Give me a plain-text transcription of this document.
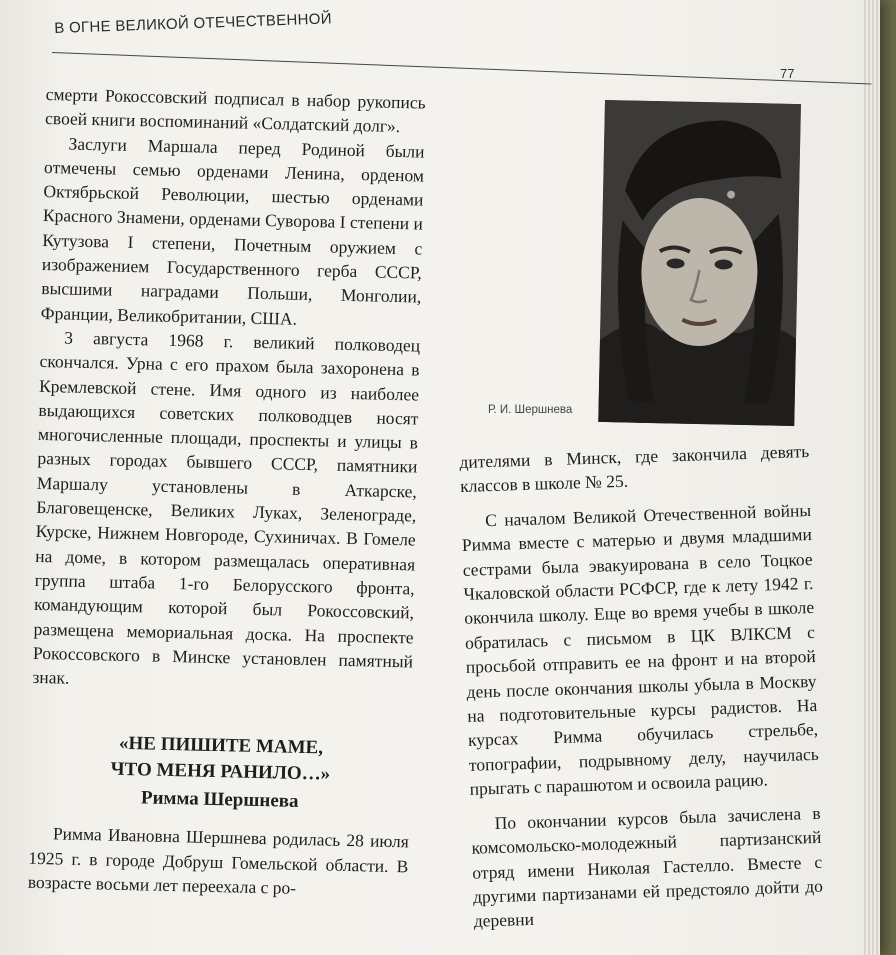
В ОГНЕ ВЕЛИКОЙ ОТЕЧЕСТВЕННОЙ
77

смерти Рокоссовский подписал в набор рукопись своей книги воспоминаний «Солдатский долг».

Заслуги Маршала перед Родиной были отмечены семью орденами Ленина, орденом Октябрьской Революции, шестью орденами Красного Знамени, орденами Суворова I степени и Кутузова I степени, Почетным оружием с изображением Государственного герба СССР, высшими наградами Польши, Монголии, Франции, Великобритании, США.

3 августа 1968 г. великий полководец скончался. Урна с его прахом была захоронена в Кремлевской стене. Имя одного из наиболее выдающихся советских полководцев носят многочисленные площади, проспекты и улицы в разных городах бывшего СССР, памятники Маршалу установлены в Аткарске, Благовещенске, Великих Луках, Зеленограде, Курске, Нижнем Новгороде, Сухиничах. В Гомеле на доме, в котором размещалась оперативная группа штаба 1-го Белорусского фронта, командующим которой был Рокоссовский, размещена мемориальная доска. На проспекте Рокоссовского в Минске установлен памятный знак.

«НЕ ПИШИТЕ МАМЕ,
ЧТО МЕНЯ РАНИЛО…»
Римма Шершнева

Римма Ивановна Шершнева родилась 28 июля 1925 г. в городе Добруш Гомельской области. В возрасте восьми лет переехала с ро-

Р. И. Шершнева

дителями в Минск, где закончила девять классов в школе № 25.

С началом Великой Отечественной войны Римма вместе с матерью и двумя младшими сестрами была эвакуирована в село Тоцкое Чкаловской области РСФСР, где к лету 1942 г. окончила школу. Еще во время учебы в школе обратилась с письмом в ЦК ВЛКСМ с просьбой отправить ее на фронт и на второй день после окончания школы убыла в Москву на подготовительные курсы радистов. На курсах Римма обучилась стрельбе, топографии, подрывному делу, научилась прыгать с парашютом и освоила рацию.

По окончании курсов была зачислена в комсомольско-молодежный партизанский отряд имени Николая Гастелло. Вместе с другими партизанами ей предстояло дойти до деревни
